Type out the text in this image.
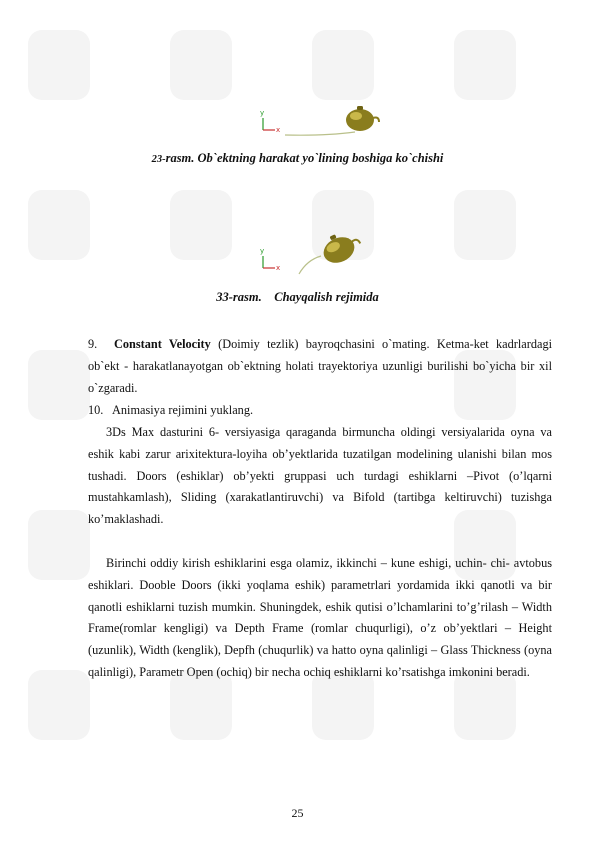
y
x
23-rasm. Ob`ektning harakat yo`lining boshiga ko`chishi
y
x
33-rasm.    Chayqalish rejimida

9. Constant Velocity (Doimiy tezlik) bayroqchasini o`mating. Ketma-ket kadrlardagi ob`ekt - harakatlanayotgan ob`ektning holati trayektoriya uzunligi burilishi bo`yicha bir xil o`zgaradi.

10. Animasiya rejimini yuklang.

3Ds Max dasturini 6- versiyasiga qaraganda birmuncha oldingi versiyalarida oyna va eshik kabi zarur arixitektura-loyiha ob’yektlarida tuzatilgan modelining ulanishi bilan mos tushadi. Doors (eshiklar) ob’yekti gruppasi uch turdagi eshiklarni –Pivot (o’lqarni mustahkamlash), Sliding (xarakatlantiruvchi) va Bifold (tartibga keltiruvchi) tuzishga ko’maklashadi.

Birinchi oddiy kirish eshiklarini esga olamiz, ikkinchi – kune eshigi, uchin- chi- avtobus eshiklari. Dooble Doors (ikki yoqlama eshik) parametrlari yordamida ikki qanotli va bir qanotli eshiklarni tuzish mumkin. Shuningdek, eshik qutisi o’lchamlarini to’g’rilash – Width Frame(romlar kengligi) va Depth Frame (romlar chuqurligi), o’z ob’yektlari – Height (uzunlik), Width (kenglik), Depfh (chuqurlik) va hatto oyna qalinligi – Glass Thickness (oyna qalinligi), Parametr Open (ochiq) bir necha ochiq eshiklarni ko’rsatishga imkonini beradi.

25
